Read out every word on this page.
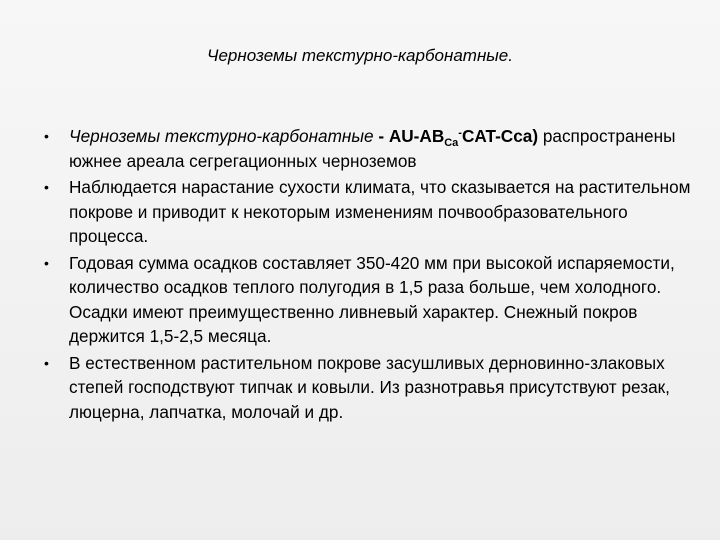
Черноземы текстурно-карбонатные.
• Черноземы текстурно-карбонатные - $AU-AB_{Ca}^-CAT-Cca$) распространены южнее ареала сегрегационных черноземов
• Наблюдается нарастание сухости климата, что сказывается на растительном покрове и приводит к некоторым изменениям почвообразовательного процесса.
• Годовая сумма осадков составляет 350‑420 мм при высокой испаряемости, количество осадков теплого полугодия в 1,5 раза больше, чем холодного. Осадки имеют преимущественно ливневый характер. Снежный покров держится 1,5‑2,5 месяца.
• В естественном растительном покрове засушливых дерновинно-злаковых степей господствуют типчак и ковыли. Из разнотравья присутствуют резак, люцерна, лапчатка, молочай и др.
